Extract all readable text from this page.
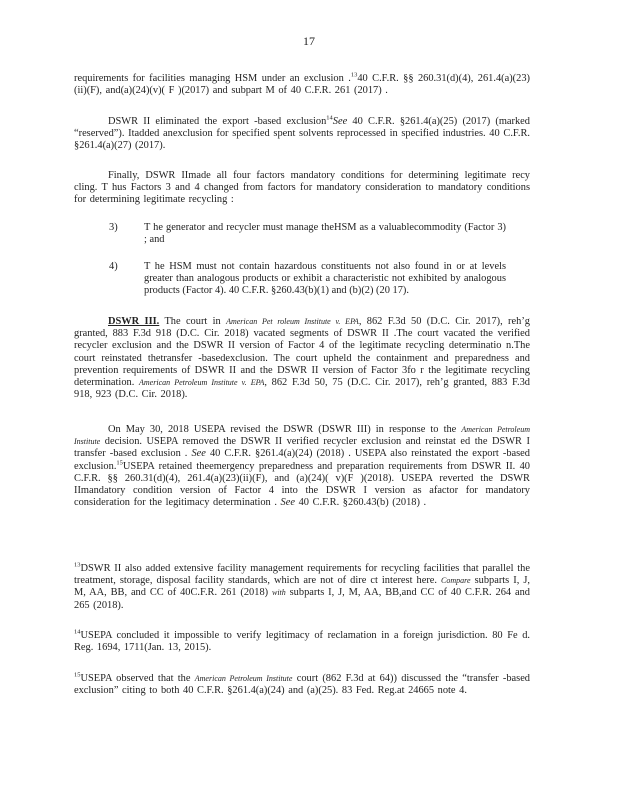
17

requirements for facilities managing HSM under an exclusion .$^{13}$40 C.F.R. §§ 260.31(d)(4), 261.4(a)(23)(ii)(F), and(a)(24)(v)( F )(2017) and subpart M of 40 C.F.R. 261 (2017) .

DSWR II eliminated the export -based exclusion$^{14}$See 40 C.F.R. §261.4(a)(25) (2017) (marked “reserved”). Itadded anexclusion for specified spent solvents reprocessed in specified industries. 40 C.F.R. §261.4(a)(27) (2017).

Finally, DSWR IImade all four factors mandatory conditions for determining legitimate recy cling. T hus Factors 3 and 4 changed from factors for mandatory consideration to mandatory conditions for determining legitimate recycling :

3)	T he generator and recycler must manage theHSM as a valuablecommodity (Factor 3) ; and
4)	T he HSM must not contain hazardous constituents not also found in or at levels greater than analogous products or exhibit a characteristic not exhibited by analogous products (Factor 4). 40 C.F.R. §260.43(b)(1) and (b)(2) (20 17).

DSWR III. The court in American Pet roleum Institute v. EPA, 862 F.3d 50 (D.C. Cir. 2017), reh’g granted, 883 F.3d 918 (D.C. Cir. 2018) vacated segments of DSWR II .The court vacated the verified recycler exclusion and the DSWR II version of Factor 4 of the legitimate recycling determinatio n.The court reinstated thetransfer -basedexclusion. The court upheld the containment and preparedness and prevention requirements of DSWR II and the DSWR II version of Factor 3fo r the legitimate recycling determination. American Petroleum Institute v. EPA, 862 F.3d 50, 75 (D.C. Cir. 2017), reh’g granted, 883 F.3d 918, 923 (D.C. Cir. 2018).

On May 30, 2018 USEPA revised the DSWR (DSWR III) in response to the American Petroleum Institute decision. USEPA removed the DSWR II verified recycler exclusion and reinstat ed the DSWR I transfer -based exclusion . See 40 C.F.R. §261.4(a)(24) (2018) . USEPA also reinstated the export -based exclusion.$^{15}$USEPA retained theemergency preparedness and preparation requirements from DSWR II. 40 C.F.R. §§ 260.31(d)(4), 261.4(a)(23)(ii)(F), and (a)(24)( v)(F )(2018). USEPA reverted the DSWR IImandatory condition version of Factor 4 into the DSWR I version as afactor for mandatory consideration for the legitimacy determination . See 40 C.F.R. §260.43(b) (2018) .

$^{13}$DSWR II also added extensive facility management requirements for recycling facilities that parallel the treatment, storage, disposal facility standards, which are not of dire ct interest here. Compare subparts I, J, M, AA, BB, and CC of 40C.F.R. 261 (2018) with subparts I, J, M, AA, BB,and CC of 40 C.F.R. 264 and 265 (2018).

$^{14}$USEPA concluded it impossible to verify legitimacy of reclamation in a foreign jurisdiction. 80 Fe d. Reg. 1694, 1711(Jan. 13, 2015).

$^{15}$USEPA observed that the American Petroleum Institute court (862 F.3d at 64)) discussed the “transfer -based exclusion” citing to both 40 C.F.R. §261.4(a)(24) and (a)(25). 83 Fed. Reg.at 24665 note 4.
